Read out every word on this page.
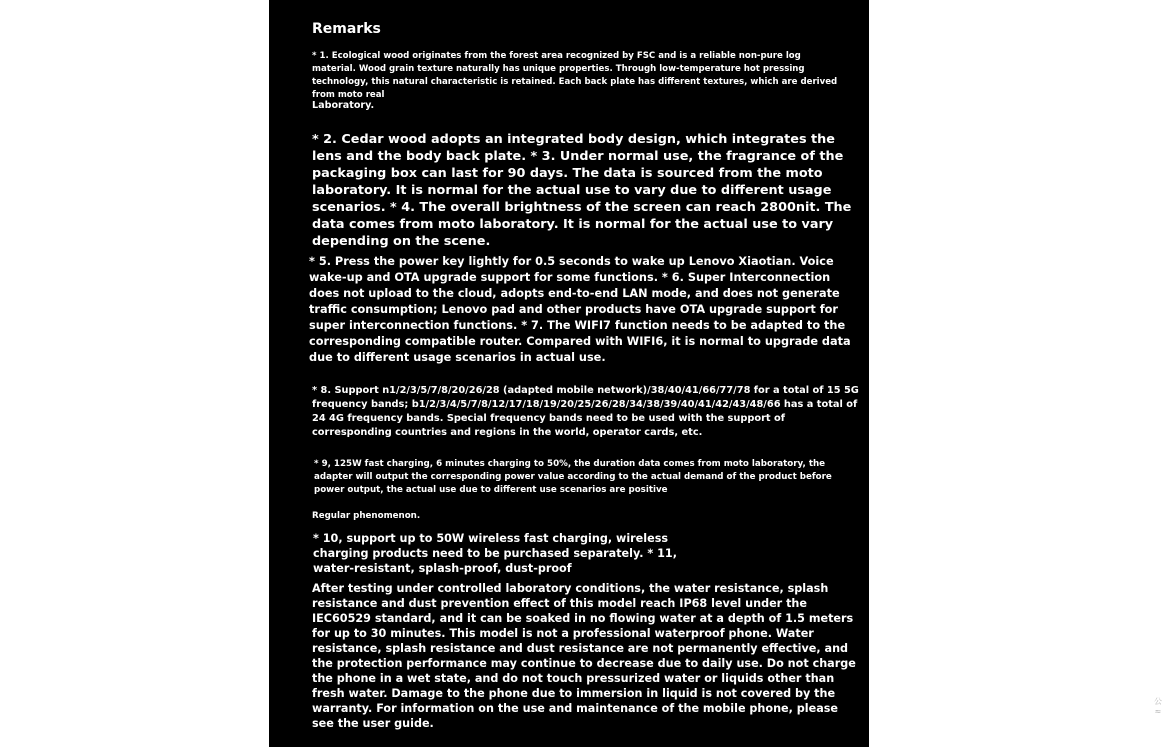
Remarks

* 1. Ecological wood originates from the forest area recognized by FSC and is a reliable non-pure log material. Wood grain texture naturally has unique properties. Through low-temperature hot pressing technology, this natural characteristic is retained. Each back plate has different textures, which are derived from moto real

Laboratory.

* 2. Cedar wood adopts an integrated body design, which integrates the lens and the body back plate. * 3. Under normal use, the fragrance of the packaging box can last for 90 days. The data is sourced from the moto laboratory. It is normal for the actual use to vary due to different usage scenarios. * 4. The overall brightness of the screen can reach 2800nit. The data comes from moto laboratory. It is normal for the actual use to vary depending on the scene.

* 5. Press the power key lightly for 0.5 seconds to wake up Lenovo Xiaotian. Voice wake-up and OTA upgrade support for some functions. * 6. Super Interconnection does not upload to the cloud, adopts end-to-end LAN mode, and does not generate traffic consumption; Lenovo pad and other products have OTA upgrade support for super interconnection functions. * 7. The WIFI7 function needs to be adapted to the corresponding compatible router. Compared with WIFI6, it is normal to upgrade data due to different usage scenarios in actual use.

* 8. Support n1/2/3/5/7/8/20/26/28 (adapted mobile network)/38/40/41/66/77/78 for a total of 15 5G frequency bands; b1/2/3/4/5/7/8/12/17/18/19/20/25/26/28/34/38/39/40/41/42/43/48/66 has a total of 24 4G frequency bands. Special frequency bands need to be used with the support of corresponding countries and regions in the world, operator cards, etc.

* 9, 125W fast charging, 6 minutes charging to 50%, the duration data comes from moto laboratory, the adapter will output the corresponding power value according to the actual demand of the product before power output, the actual use due to different use scenarios are positive

Regular phenomenon.

* 10, support up to 50W wireless fast charging, wireless charging products need to be purchased separately. * 11, water-resistant, splash-proof, dust-proof

After testing under controlled laboratory conditions, the water resistance, splash resistance and dust prevention effect of this model reach IP68 level under the IEC60529 standard, and it can be soaked in no flowing water at a depth of 1.5 meters for up to 30 minutes. This model is not a professional waterproof phone. Water resistance, splash resistance and dust resistance are not permanently effective, and the protection performance may continue to decrease due to daily use. Do not charge the phone in a wet state, and do not touch pressurized water or liquids other than fresh water. Damage to the phone due to immersion in liquid is not covered by the warranty. For information on the use and maintenance of the mobile phone, please see the user guide.

公 ≈
